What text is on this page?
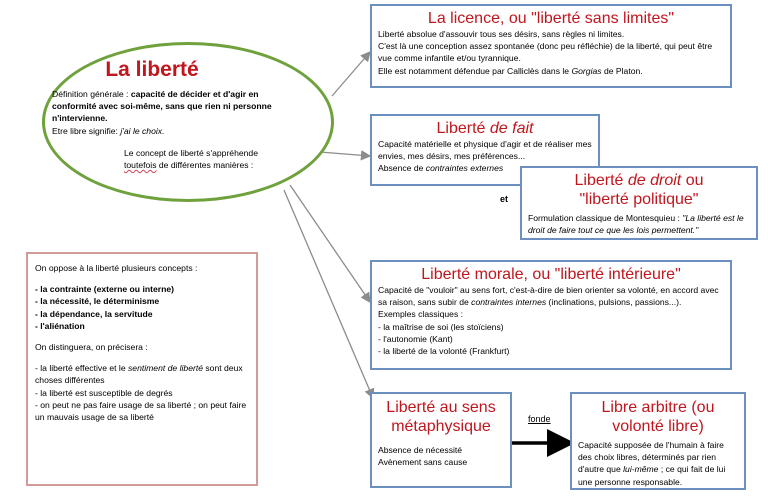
La liberté

Définition générale : capacité de décider et d'agir en conformité avec soi-même, sans que rien ni personne n'intervienne.

Etre libre signifie: j'ai le choix.

Le concept de liberté s'appréhende toutefois de différentes manières :

La licence, ou "liberté sans limites"

Liberté absolue d'assouvir tous ses désirs, sans règles ni limites.

C'est là une conception assez spontanée (donc peu réfléchie) de la liberté, qui peut être vue comme infantile et/ou tyrannique.

Elle est notamment défendue par Calliclès dans le Gorgias de Platon.

Liberté de fait

Capacité matérielle et physique d'agir et de réaliser mes envies, mes désirs, mes préférences...

Absence de contraintes externes

et
Liberté de droit ou
"liberté politique"

Formulation classique de Montesquieu : "La liberté est le droit de faire tout ce que les lois permettent."

Liberté morale, ou "liberté intérieure"

Capacité de "vouloir" au sens fort, c'est-à-dire de bien orienter sa volonté, en accord avec sa raison, sans subir de contraintes internes (inclinations, pulsions, passions...).

Exemples classiques :

- la maîtrise de soi (les stoïciens)

- l'autonomie (Kant)

- la liberté de la volonté (Frankfurt)

On oppose à la liberté plusieurs concepts :

- la contrainte (externe ou interne)

- la nécessité, le déterminisme

- la dépendance, la servitude

- l'aliénation

On distinguera, on précisera :

- la liberté effective et le sentiment de liberté sont deux choses différentes

- la liberté est susceptible de degrés

- on peut ne pas faire usage de sa liberté ; on peut faire un mauvais usage de sa liberté

Liberté au sens métaphysique

Absence de nécessité

Avènement sans cause

fonde
Libre arbitre (ou volonté libre)

Capacité supposée de l'humain à faire des choix libres, déterminés par rien d'autre que lui-même ; ce qui fait de lui une personne responsable.
